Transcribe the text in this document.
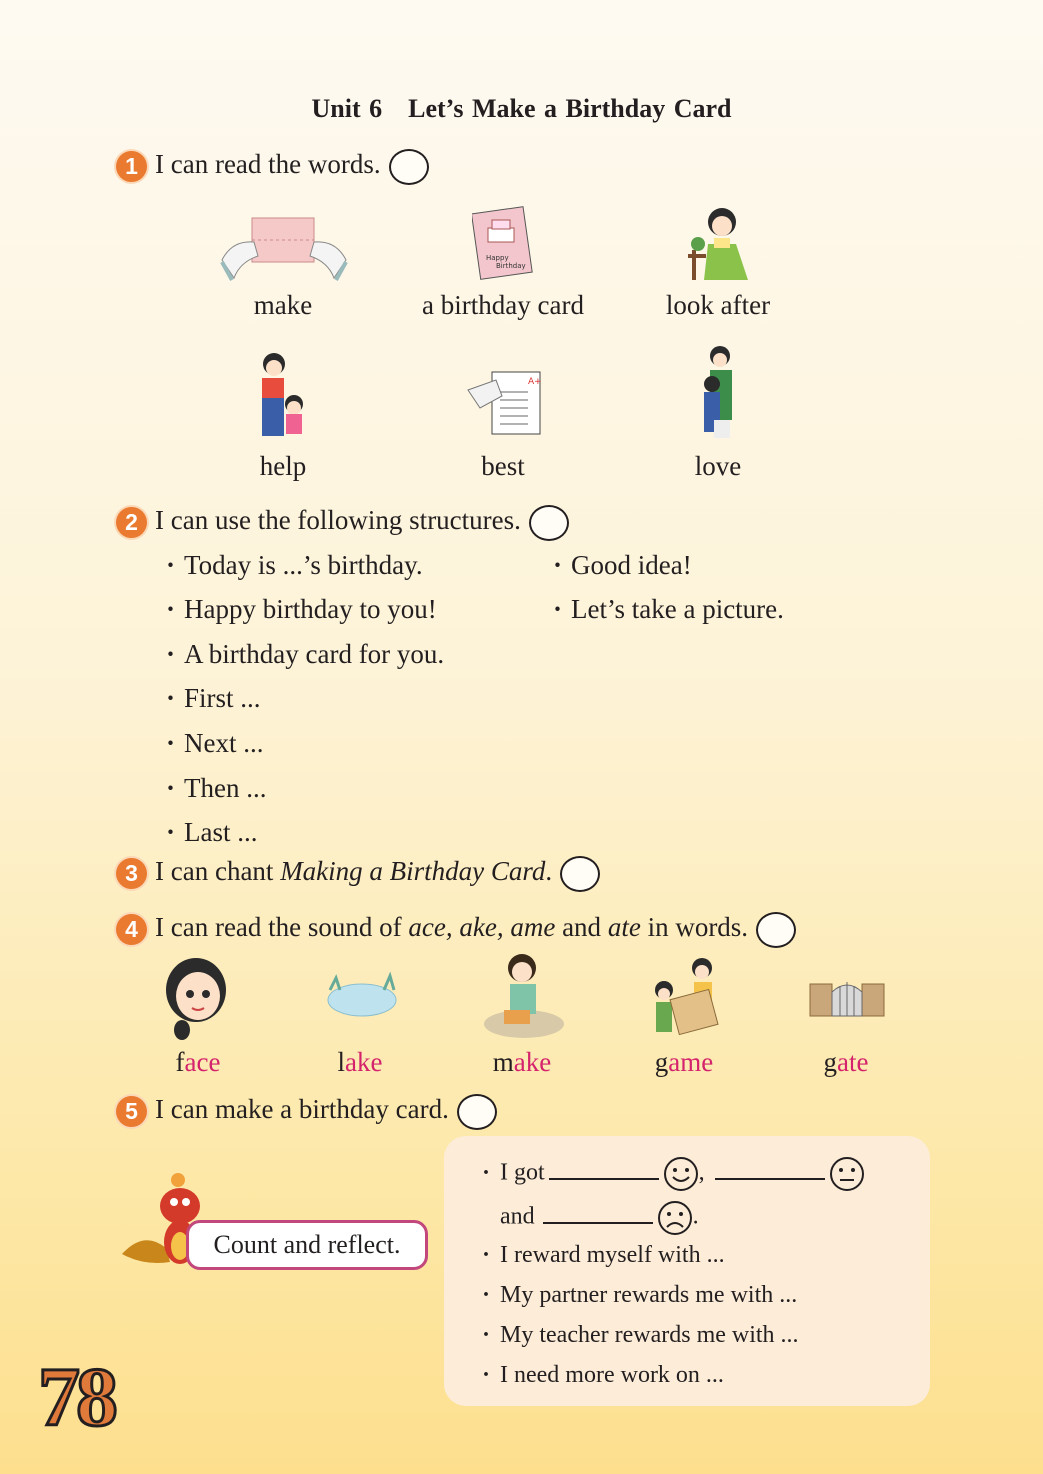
Unit 6 Let’s Make a Birthday Card
1 I can read the words.
Happy
Birthday
A+
make	a birthday card	look after
help	best	love
2 I can use the following structures.
· Today is ...’s birthday.
· Happy birthday to you!
· A birthday card for you.
· First ...
· Next ...
· Then ...
· Last ...
· Good idea!
· Let’s take a picture.
3 I can chant Making a Birthday Card.
4 I can read the sound of ace, ake, ame and ate in words.
face	lake	make	game	gate
5 I can make a birthday card.
Count and reflect.
· I got	,
and	.
· I reward myself with ...
· My partner rewards me with ...
· My teacher rewards me with ...
· I need more work on ...
78
